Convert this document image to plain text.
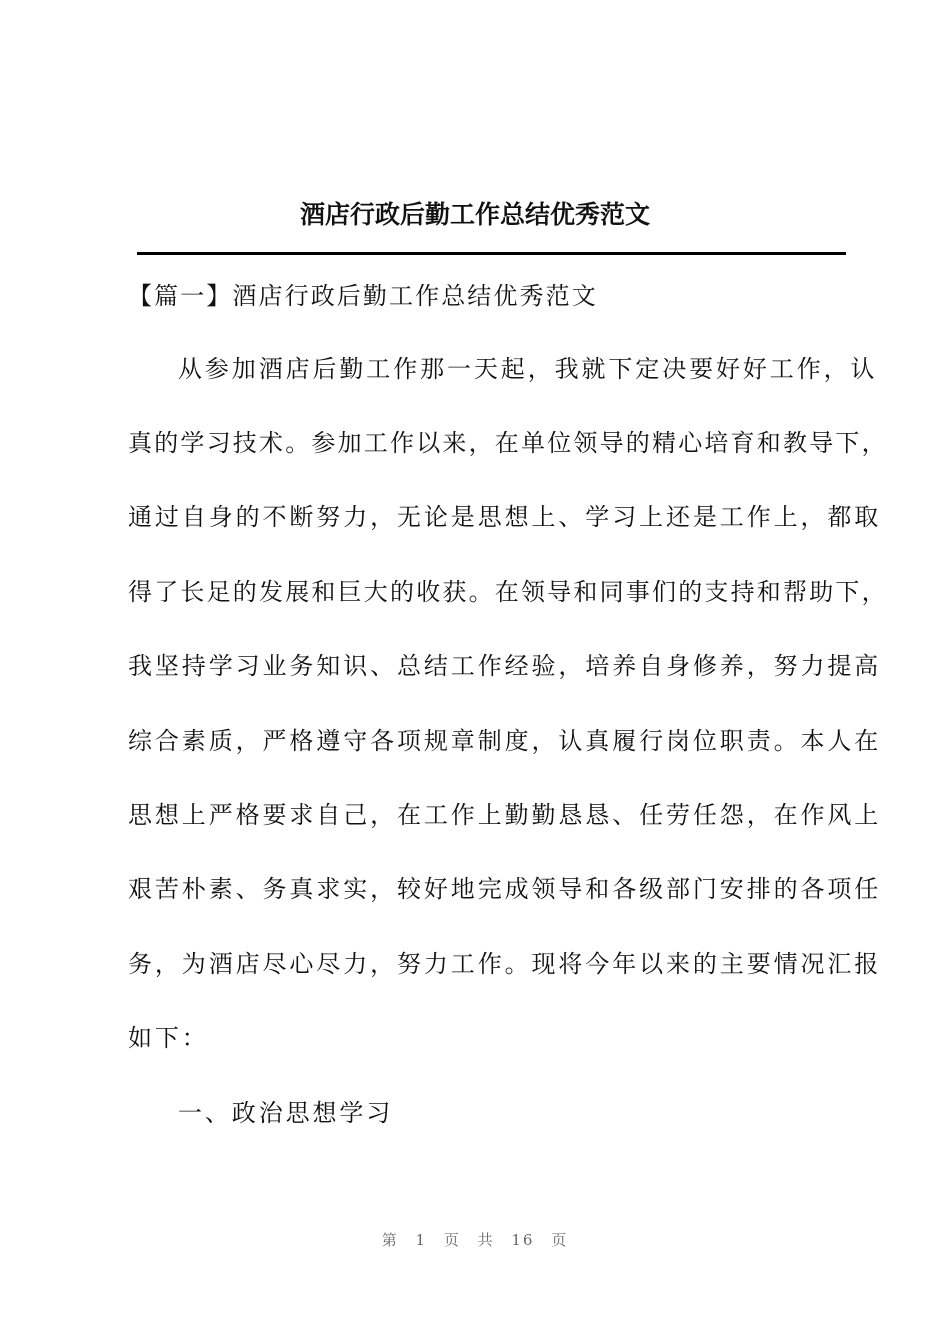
酒店行政后勤工作总结优秀范文
【篇一】酒店行政后勤工作总结优秀范文
从参加酒店后勤工作那一天起，我就下定决要好好工作，认
真的学习技术。参加工作以来，在单位领导的精心培育和教导下，
通过自身的不断努力，无论是思想上、学习上还是工作上，都取
得了长足的发展和巨大的收获。在领导和同事们的支持和帮助下，
我坚持学习业务知识、总结工作经验，培养自身修养，努力提高
综合素质，严格遵守各项规章制度，认真履行岗位职责。本人在
思想上严格要求自己，在工作上勤勤恳恳、任劳任怨，在作风上
艰苦朴素、务真求实，较好地完成领导和各级部门安排的各项任
务，为酒店尽心尽力，努力工作。现将今年以来的主要情况汇报
如下：
一、政治思想学习
第 1 页 共 16 页
